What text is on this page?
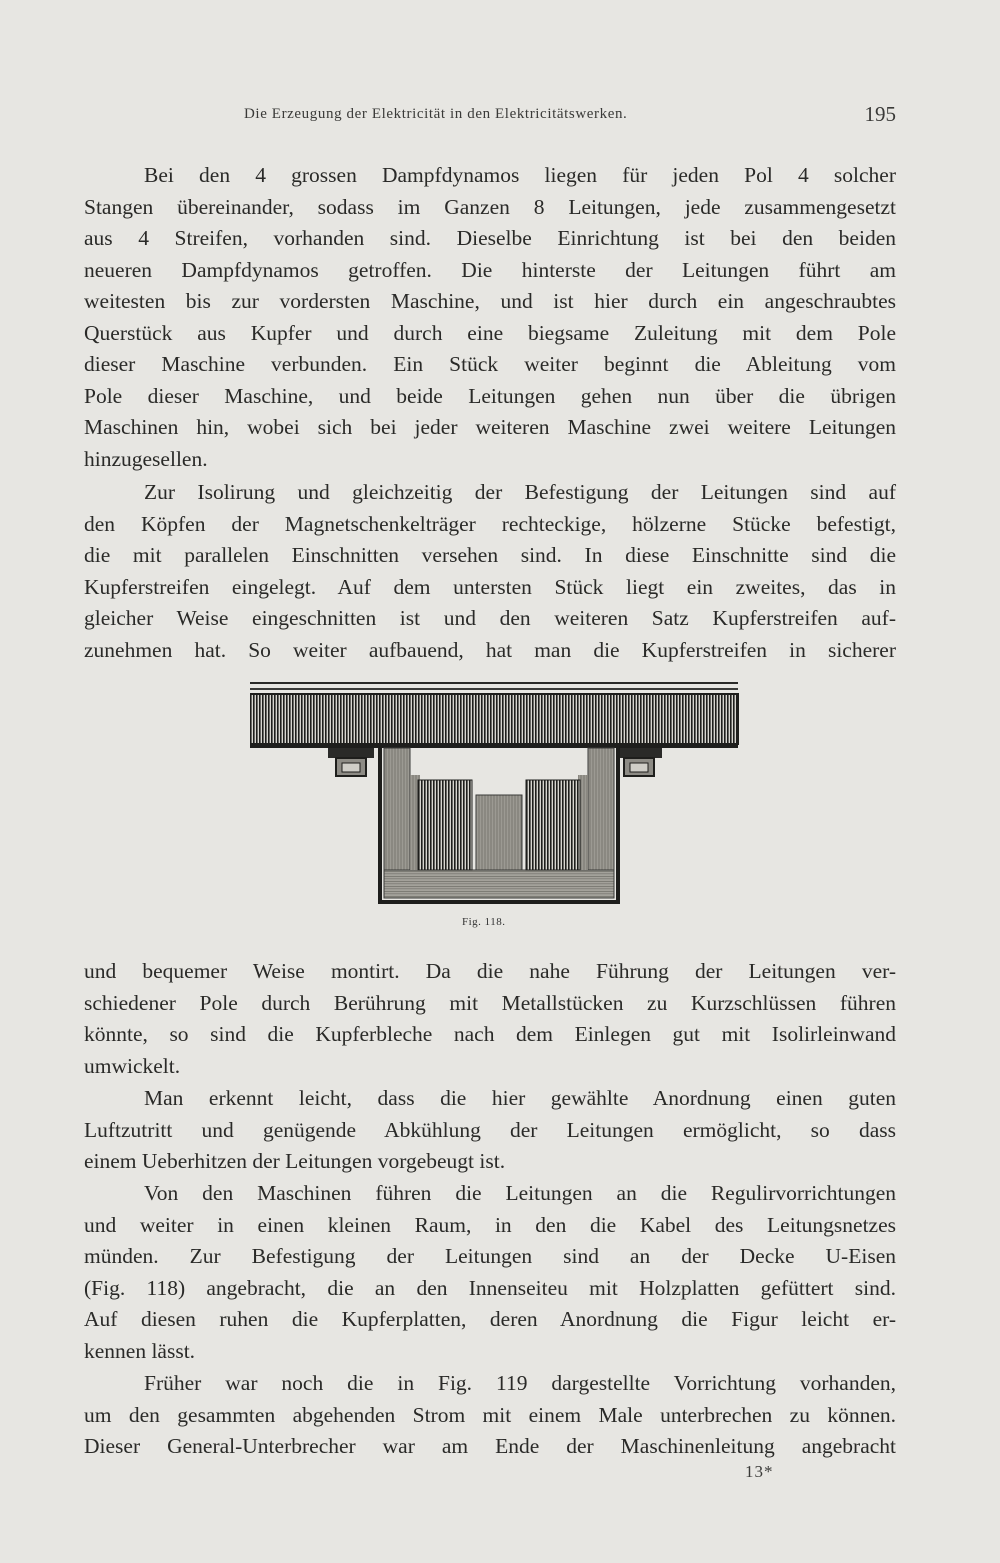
Die Erzeugung der Elektricität in den Elektricitätswerken.	195
Bei den 4 grossen Dampfdynamos liegen für jeden Pol 4 solcher
Stangen übereinander, sodass im Ganzen 8 Leitungen, jede zusammengesetzt
aus 4 Streifen, vorhanden sind. Dieselbe Einrichtung ist bei den beiden
neueren Dampfdynamos getroffen. Die hinterste der Leitungen führt am
weitesten bis zur vordersten Maschine, und ist hier durch ein angeschraubtes
Querstück aus Kupfer und durch eine biegsame Zuleitung mit dem Pole
dieser Maschine verbunden. Ein Stück weiter beginnt die Ableitung vom
Pole dieser Maschine, und beide Leitungen gehen nun über die übrigen
Maschinen hin, wobei sich bei jeder weiteren Maschine zwei weitere Leitungen
hinzugesellen.
Zur Isolirung und gleichzeitig der Befestigung der Leitungen sind auf
den Köpfen der Magnetschenkelträger rechteckige, hölzerne Stücke befestigt,
die mit parallelen Einschnitten versehen sind. In diese Einschnitte sind die
Kupferstreifen eingelegt. Auf dem untersten Stück liegt ein zweites, das in
gleicher Weise eingeschnitten ist und den weiteren Satz Kupferstreifen auf-
zunehmen hat. So weiter aufbauend, hat man die Kupferstreifen in sicherer
Fig. 118.
und bequemer Weise montirt. Da die nahe Führung der Leitungen ver-
schiedener Pole durch Berührung mit Metallstücken zu Kurzschlüssen führen
könnte, so sind die Kupferbleche nach dem Einlegen gut mit Isolirleinwand
umwickelt.
Man erkennt leicht, dass die hier gewählte Anordnung einen guten
Luftzutritt und genügende Abkühlung der Leitungen ermöglicht, so dass
einem Ueberhitzen der Leitungen vorgebeugt ist.
Von den Maschinen führen die Leitungen an die Regulirvorrichtungen
und weiter in einen kleinen Raum, in den die Kabel des Leitungsnetzes
münden. Zur Befestigung der Leitungen sind an der Decke U-Eisen
(Fig. 118) angebracht, die an den Innenseiteu mit Holzplatten gefüttert sind.
Auf diesen ruhen die Kupferplatten, deren Anordnung die Figur leicht er-
kennen lässt.
Früher war noch die in Fig. 119 dargestellte Vorrichtung vorhanden,
um den gesammten abgehenden Strom mit einem Male unterbrechen zu können.
Dieser General-Unterbrecher war am Ende der Maschinenleitung angebracht
13*
